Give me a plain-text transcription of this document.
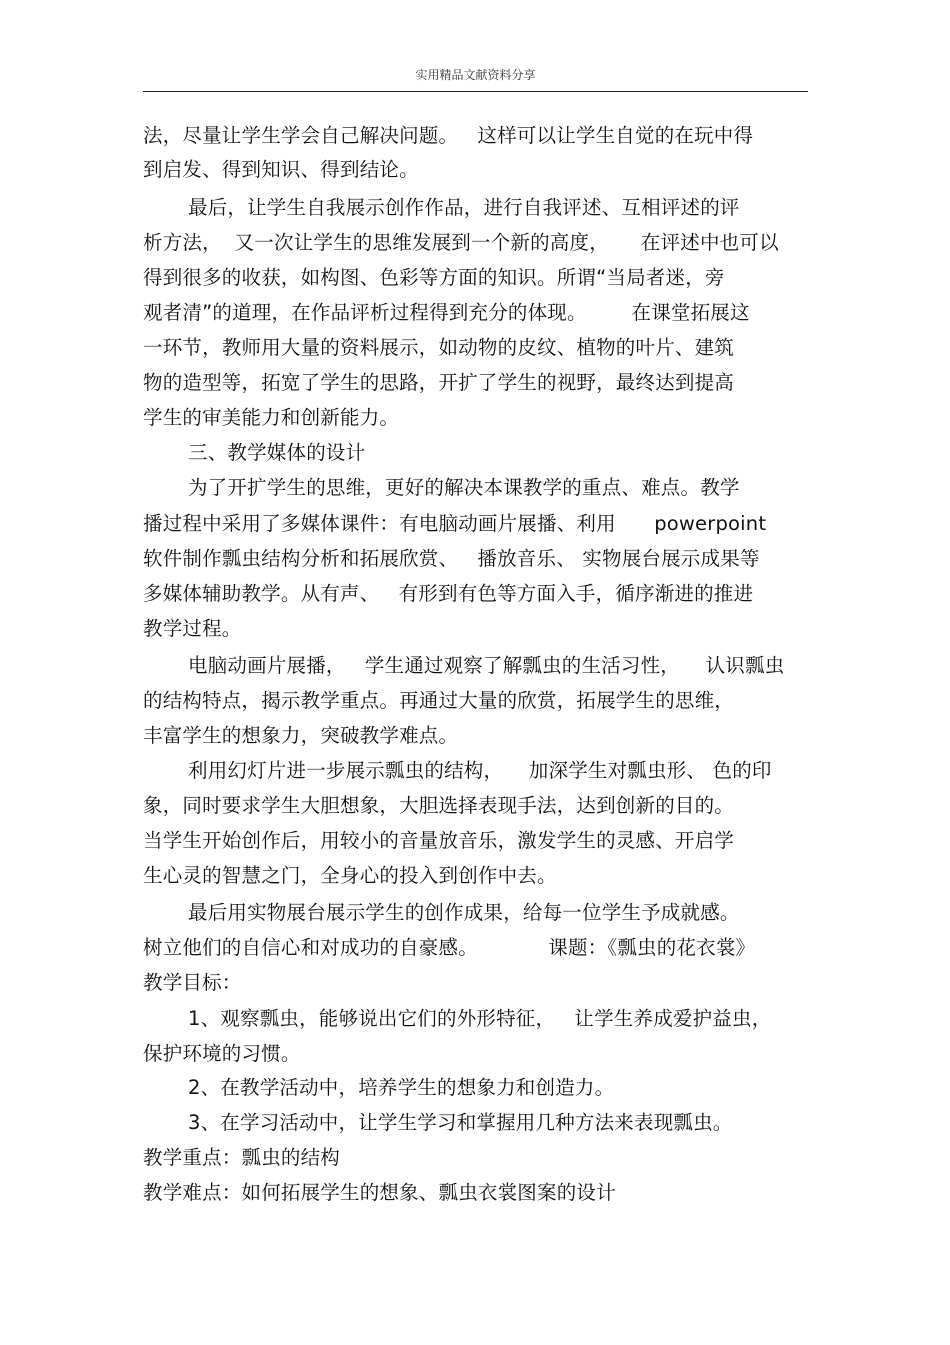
实用精品文献资料分享
法，尽量让学生学会自己解决问题。   这样可以让学生自觉的在玩中得
到启发、得到知识、得到结论。
最后，让学生自我展示创作作品，进行自我评述、互相评述的评
析方法，  又一次让学生的思维发展到一个新的高度，     在评述中也可以
得到很多的收获，如构图、色彩等方面的知识。所谓“当局者迷，旁
观者清”的道理，在作品评析过程得到充分的体现。       在课堂拓展这
一环节，教师用大量的资料展示，如动物的皮纹、植物的叶片、建筑
物的造型等，拓宽了学生的思路，开扩了学生的视野，最终达到提高
学生的审美能力和创新能力。
三、教学媒体的设计
为了开扩学生的思维，更好的解决本课教学的重点、难点。教学
播过程中采用了多媒体课件：有电脑动画片展播、利用      powerpoint
软件制作瓢虫结构分析和拓展欣赏、   播放音乐、 实物展台展示成果等
多媒体辅助教学。从有声、   有形到有色等方面入手，循序渐进的推进
教学过程。
电脑动画片展播，   学生通过观察了解瓢虫的生活习性，    认识瓢虫
的结构特点，揭示教学重点。再通过大量的欣赏，拓展学生的思维，
丰富学生的想象力，突破教学难点。
利用幻灯片进一步展示瓢虫的结构，    加深学生对瓢虫形、 色的印
象，同时要求学生大胆想象，大胆选择表现手法，达到创新的目的。
当学生开始创作后，用较小的音量放音乐，激发学生的灵感、开启学
生心灵的智慧之门，全身心的投入到创作中去。
最后用实物展台展示学生的创作成果，给每一位学生予成就感。
树立他们的自信心和对成功的自豪感。           课题：《瓢虫的花衣裳》
教学目标：
1、观察瓢虫，能够说出它们的外形特征，   让学生养成爱护益虫，
保护环境的习惯。
2、在教学活动中，培养学生的想象力和创造力。
3、在学习活动中，让学生学习和掌握用几种方法来表现瓢虫。
教学重点：瓢虫的结构
教学难点：如何拓展学生的想象、瓢虫衣裳图案的设计
